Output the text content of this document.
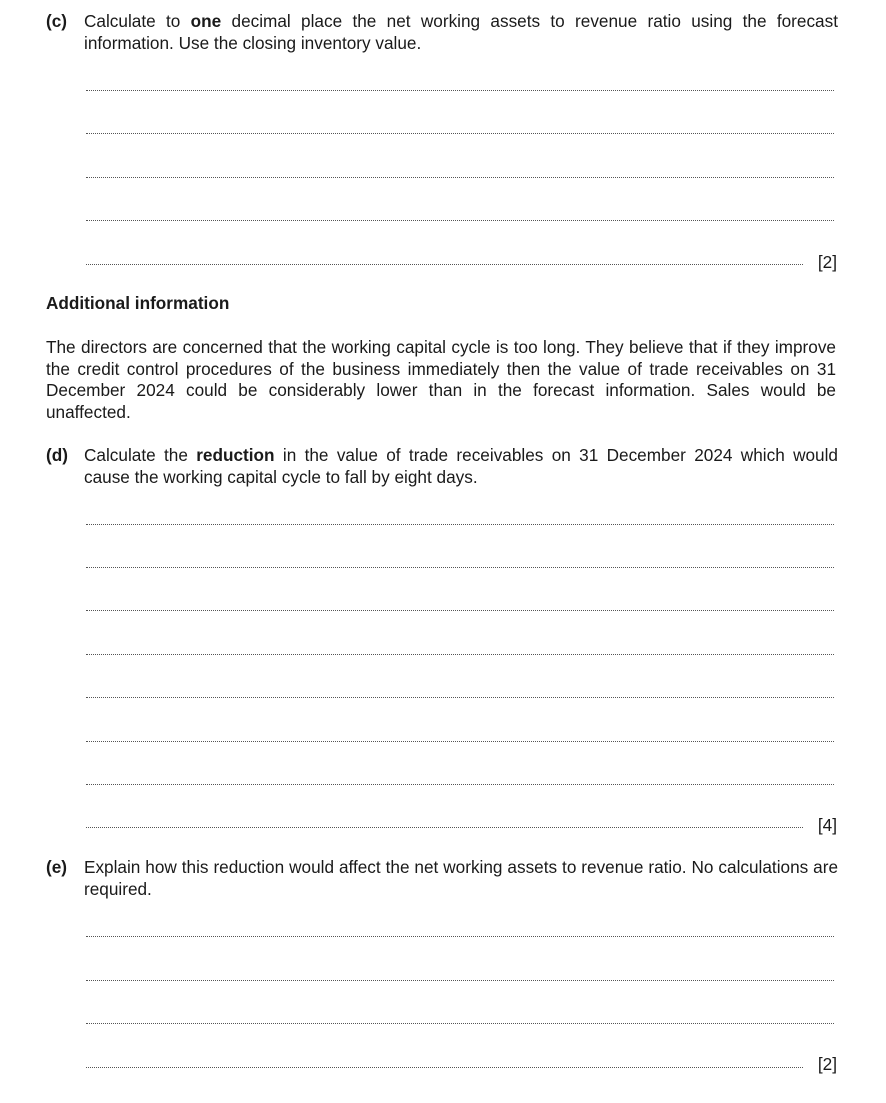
(c) Calculate to one decimal place the net working assets to revenue ratio using the forecast information. Use the closing inventory value.
[2]
Additional information
The directors are concerned that the working capital cycle is too long. They believe that if they improve the credit control procedures of the business immediately then the value of trade receivables on 31 December 2024 could be considerably lower than in the forecast information. Sales would be unaffected.
(d) Calculate the reduction in the value of trade receivables on 31 December 2024 which would cause the working capital cycle to fall by eight days.
[4]
(e) Explain how this reduction would affect the net working assets to revenue ratio. No calculations are required.
[2]
